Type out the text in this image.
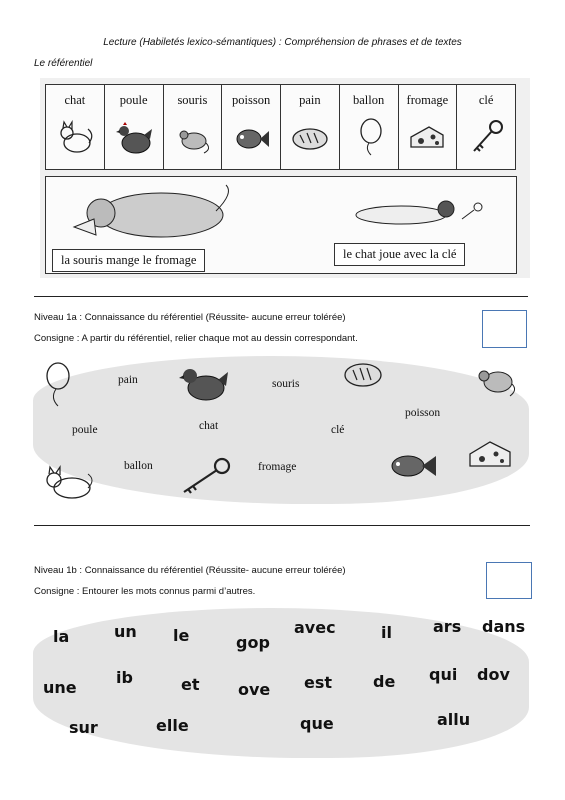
Lecture (Habiletés lexico-sémantiques) : Compréhension de phrases et de textes
Le référentiel
chat	poule	souris	poisson	pain	ballon	fromage	clé
la souris mange le fromage	le chat joue avec la clé
Niveau 1a : Connaissance du référentiel (Réussite- aucune erreur tolérée)
Consigne : A partir du référentiel, relier chaque mot au dessin correspondant.
pain	souris
poisson
poule	chat	clé
ballon	fromage
Niveau 1b : Connaissance du référentiel (Réussite- aucune erreur tolérée)
Consigne : Entourer les mots connus parmi d’autres.
la	un le	gop
avec	il	ars dans
une
ib	et ove est	de qui dov
sur	elle	que	allu
